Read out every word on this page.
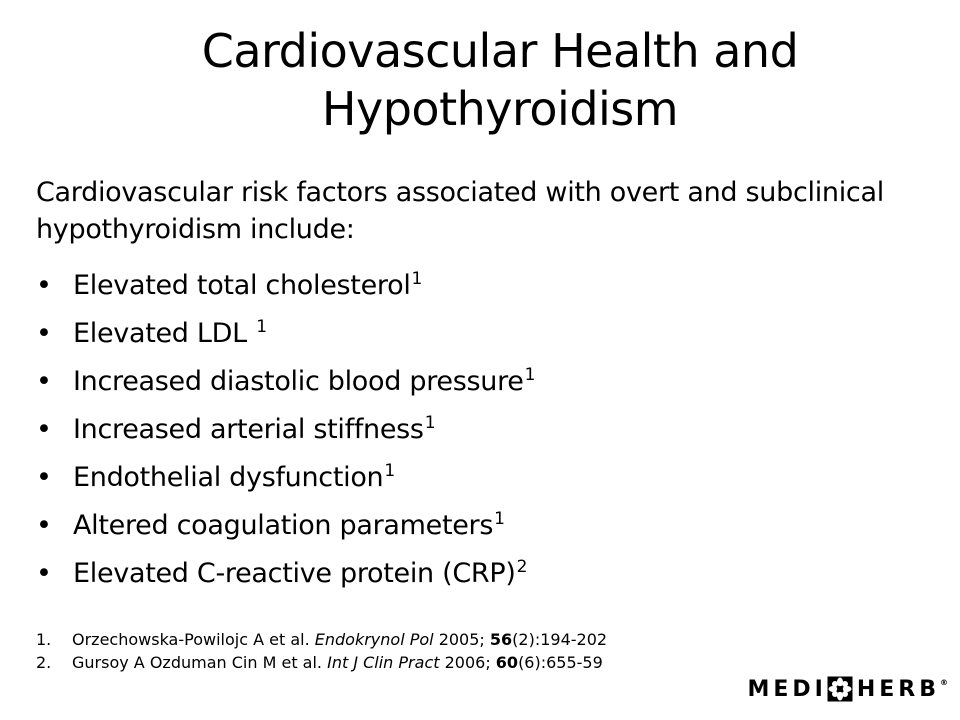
Cardiovascular Health and
Hypothyroidism
Cardiovascular risk factors associated with overt and subclinical hypothyroidism include:
• Elevated total cholesterol$^1$
• Elevated LDL $^1$
• Increased diastolic blood pressure$^1$
• Increased arterial stiffness$^1$
• Endothelial dysfunction$^1$
• Altered coagulation parameters$^1$
• Elevated C-reactive protein (CRP)$^2$
1. Orzechowska-Powilojc A et al. Endokrynol Pol 2005; 56(2):194-202
2. Gursoy A Ozduman Cin M et al. Int J Clin Pract 2006; 60(6):655-59
MEDI HERB ®
